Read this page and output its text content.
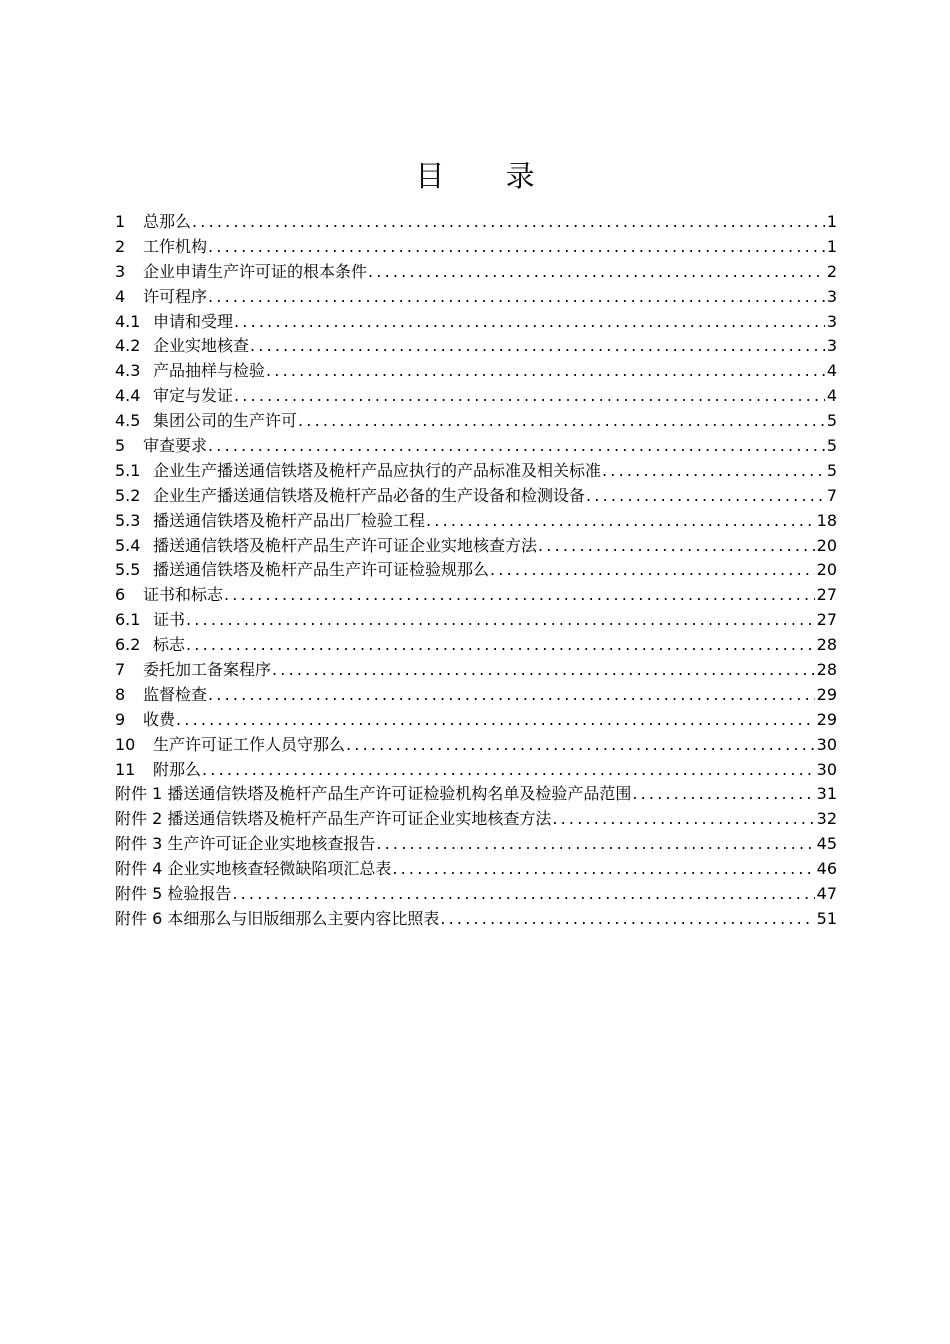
目 录
1	总那么 .....	1
2	工作机构 .....	1
3	企业申请生产许可证的根本条件 .....	2
4	许可程序 .....	3
4.1 申请和受理 .....	3
4.2 企业实地核查 .....	3
4.3 产品抽样与检验 .....	4
4.4 审定与发证 .....	4
4.5 集团公司的生产许可 .....	5
5	审查要求 .....	5
5.1 企业生产播送通信铁塔及桅杆产品应执行的产品标准及相关标准 .....	5
5.2 企业生产播送通信铁塔及桅杆产品必备的生产设备和检测设备 .....	7
5.3 播送通信铁塔及桅杆产品出厂检验工程 .....	18
5.4 播送通信铁塔及桅杆产品生产许可证企业实地核查方法 .....	20
5.5 播送通信铁塔及桅杆产品生产许可证检验规那么 .....	20
6	证书和标志 .....	27
6.1 证书 .....	27
6.2 标志 .....	28
7	委托加工备案程序 .....	28
8	监督检查 .....	29
9	收费 .....	29
10	生产许可证工作人员守那么 .....	30
11	附那么 .....	30
附件 1 播送通信铁塔及桅杆产品生产许可证检验机构名单及检验产品范围 .....	31
附件 2 播送通信铁塔及桅杆产品生产许可证企业实地核查方法 .....	32
附件 3 生产许可证企业实地核查报告 .....	45
附件 4 企业实地核查轻微缺陷项汇总表 .....	46
附件 5 检验报告 .....	47
附件 6 本细那么与旧版细那么主要内容比照表 .....	51
